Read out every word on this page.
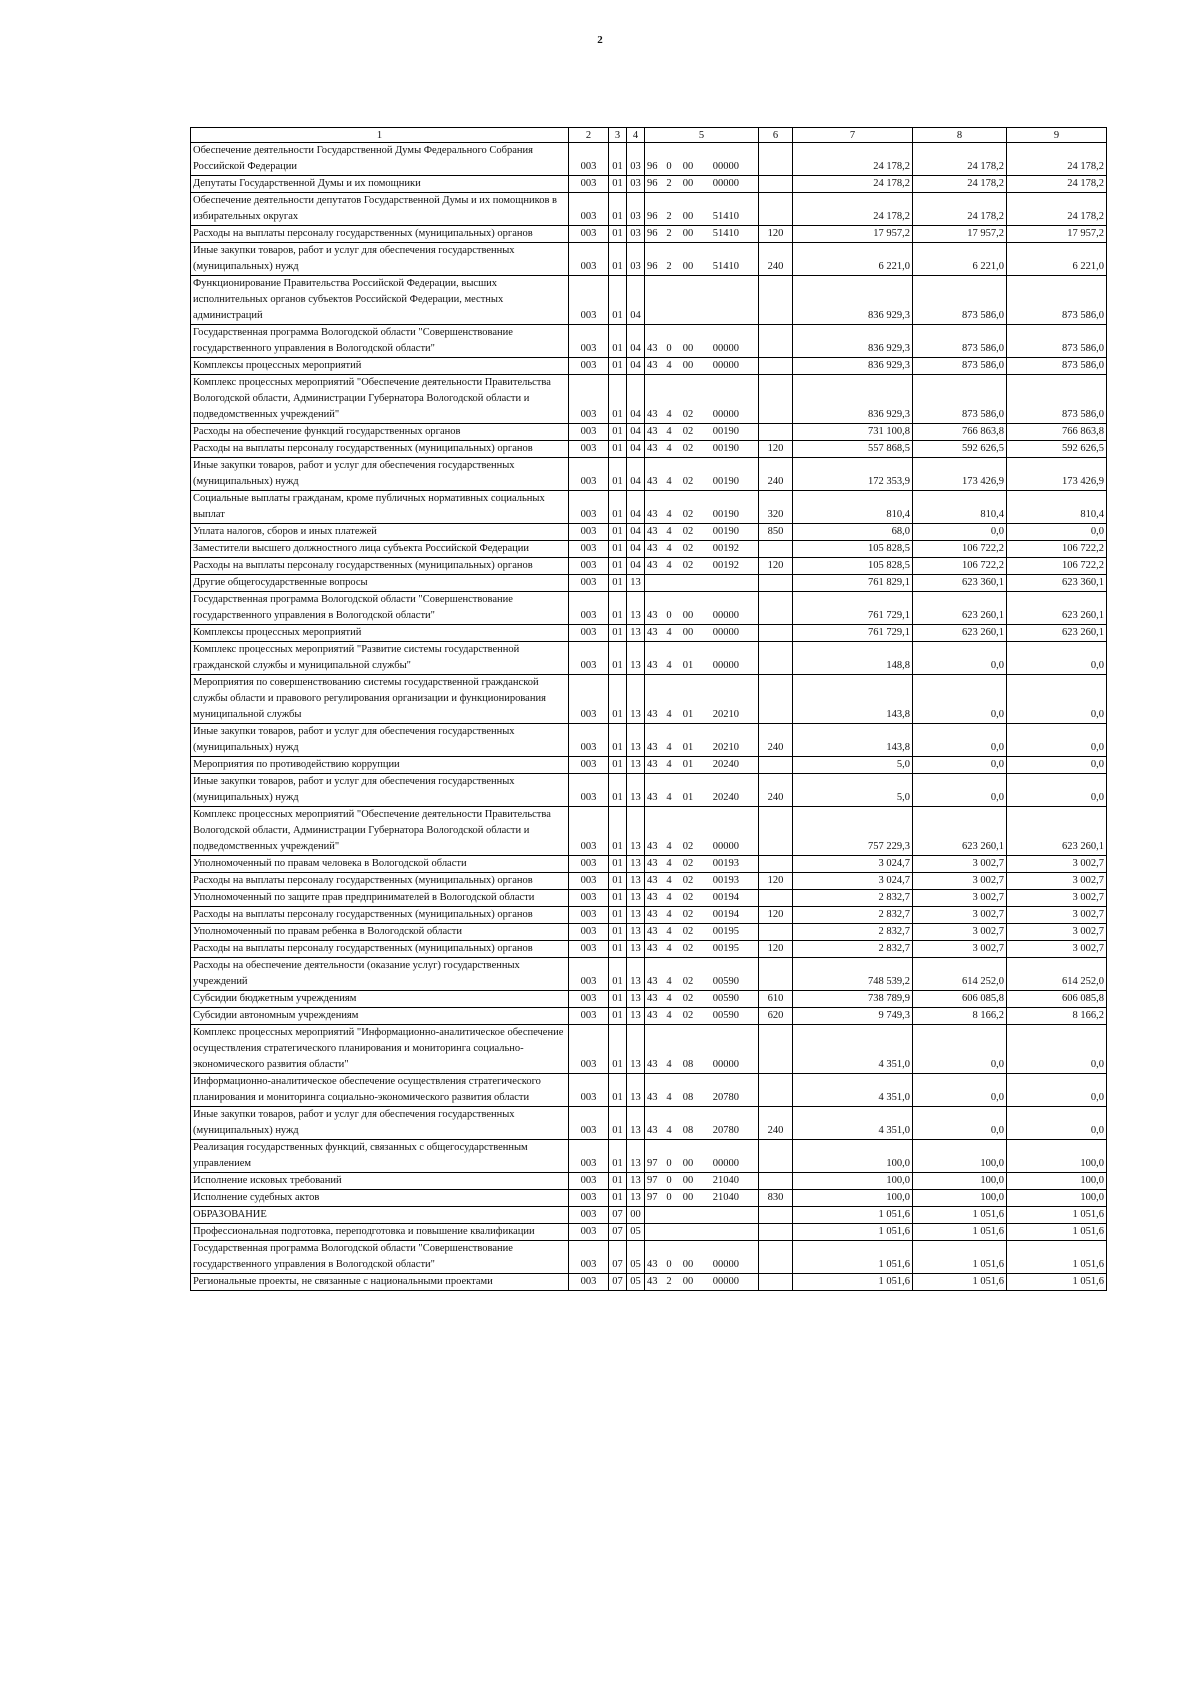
2
1	2	3	4	5	6	7	8	9
Обеспечение деятельности Государственной Думы Федерального Собрания Российской Федерации	003	01	03	96 0 00 00000		24 178,2	24 178,2	24 178,2
Депутаты Государственной Думы и их помощники	003	01	03	96 2 00 00000		24 178,2	24 178,2	24 178,2
Обеспечение деятельности депутатов Государственной Думы и их помощников в избирательных округах	003	01	03	96 2 00 51410		24 178,2	24 178,2	24 178,2
Расходы на выплаты персоналу государственных (муниципальных) органов	003	01	03	96 2 00 51410	120	17 957,2	17 957,2	17 957,2
Иные закупки товаров, работ и услуг для обеспечения государственных (муниципальных) нужд	003	01	03	96 2 00 51410	240	6 221,0	6 221,0	6 221,0
Функционирование Правительства Российской Федерации, высших исполнительных органов субъектов Российской Федерации, местных администраций	003	01	04			836 929,3	873 586,0	873 586,0
Государственная программа Вологодской области "Совершенствование государственного управления в Вологодской области"	003	01	04	43 0 00 00000		836 929,3	873 586,0	873 586,0
Комплексы процессных мероприятий	003	01	04	43 4 00 00000		836 929,3	873 586,0	873 586,0
Комплекс процессных мероприятий "Обеспечение деятельности Правительства Вологодской области, Администрации Губернатора Вологодской области и подведомственных учреждений"	003	01	04	43 4 02 00000		836 929,3	873 586,0	873 586,0
Расходы на обеспечение функций государственных органов	003	01	04	43 4 02 00190		731 100,8	766 863,8	766 863,8
Расходы на выплаты персоналу государственных (муниципальных) органов	003	01	04	43 4 02 00190	120	557 868,5	592 626,5	592 626,5
Иные закупки товаров, работ и услуг для обеспечения государственных (муниципальных) нужд	003	01	04	43 4 02 00190	240	172 353,9	173 426,9	173 426,9
Социальные выплаты гражданам, кроме публичных нормативных социальных выплат	003	01	04	43 4 02 00190	320	810,4	810,4	810,4
Уплата налогов, сборов и иных платежей	003	01	04	43 4 02 00190	850	68,0	0,0	0,0
Заместители высшего должностного лица субъекта Российской Федерации	003	01	04	43 4 02 00192		105 828,5	106 722,2	106 722,2
Расходы на выплаты персоналу государственных (муниципальных) органов	003	01	04	43 4 02 00192	120	105 828,5	106 722,2	106 722,2
Другие общегосударственные вопросы	003	01	13			761 829,1	623 360,1	623 360,1
Государственная программа Вологодской области "Совершенствование государственного управления в Вологодской области"	003	01	13	43 0 00 00000		761 729,1	623 260,1	623 260,1
Комплексы процессных мероприятий	003	01	13	43 4 00 00000		761 729,1	623 260,1	623 260,1
Комплекс процессных мероприятий "Развитие системы государственной гражданской службы и муниципальной службы"	003	01	13	43 4 01 00000		148,8	0,0	0,0
Мероприятия по совершенствованию системы государственной гражданской службы области и правового регулирования организации и функционирования муниципальной службы	003	01	13	43 4 01 20210		143,8	0,0	0,0
Иные закупки товаров, работ и услуг для обеспечения государственных (муниципальных) нужд	003	01	13	43 4 01 20210	240	143,8	0,0	0,0
Мероприятия по противодействию коррупции	003	01	13	43 4 01 20240		5,0	0,0	0,0
Иные закупки товаров, работ и услуг для обеспечения государственных (муниципальных) нужд	003	01	13	43 4 01 20240	240	5,0	0,0	0,0
Комплекс процессных мероприятий "Обеспечение деятельности Правительства Вологодской области, Администрации Губернатора Вологодской области и подведомственных учреждений"	003	01	13	43 4 02 00000		757 229,3	623 260,1	623 260,1
Уполномоченный по правам человека в Вологодской области	003	01	13	43 4 02 00193		3 024,7	3 002,7	3 002,7
Расходы на выплаты персоналу государственных (муниципальных) органов	003	01	13	43 4 02 00193	120	3 024,7	3 002,7	3 002,7
Уполномоченный по защите прав предпринимателей в Вологодской области	003	01	13	43 4 02 00194		2 832,7	3 002,7	3 002,7
Расходы на выплаты персоналу государственных (муниципальных) органов	003	01	13	43 4 02 00194	120	2 832,7	3 002,7	3 002,7
Уполномоченный по правам ребенка в Вологодской области	003	01	13	43 4 02 00195		2 832,7	3 002,7	3 002,7
Расходы на выплаты персоналу государственных (муниципальных) органов	003	01	13	43 4 02 00195	120	2 832,7	3 002,7	3 002,7
Расходы на обеспечение деятельности (оказание услуг) государственных учреждений	003	01	13	43 4 02 00590		748 539,2	614 252,0	614 252,0
Субсидии бюджетным учреждениям	003	01	13	43 4 02 00590	610	738 789,9	606 085,8	606 085,8
Субсидии автономным учреждениям	003	01	13	43 4 02 00590	620	9 749,3	8 166,2	8 166,2
Комплекс процессных мероприятий "Информационно-аналитическое обеспечение осуществления стратегического планирования и мониторинга социально-экономического развития области"	003	01	13	43 4 08 00000		4 351,0	0,0	0,0
Информационно-аналитическое обеспечение осуществления стратегического планирования и мониторинга социально-экономического развития области	003	01	13	43 4 08 20780		4 351,0	0,0	0,0
Иные закупки товаров, работ и услуг для обеспечения государственных (муниципальных) нужд	003	01	13	43 4 08 20780	240	4 351,0	0,0	0,0
Реализация государственных функций, связанных с общегосударственным управлением	003	01	13	97 0 00 00000		100,0	100,0	100,0
Исполнение исковых требований	003	01	13	97 0 00 21040		100,0	100,0	100,0
Исполнение судебных актов	003	01	13	97 0 00 21040	830	100,0	100,0	100,0
ОБРАЗОВАНИЕ	003	07	00			1 051,6	1 051,6	1 051,6
Профессиональная подготовка, переподготовка и повышение квалификации	003	07	05			1 051,6	1 051,6	1 051,6
Государственная программа Вологодской области "Совершенствование государственного управления в Вологодской области"	003	07	05	43 0 00 00000		1 051,6	1 051,6	1 051,6
Региональные проекты, не связанные с национальными проектами	003	07	05	43 2 00 00000		1 051,6	1 051,6	1 051,6
